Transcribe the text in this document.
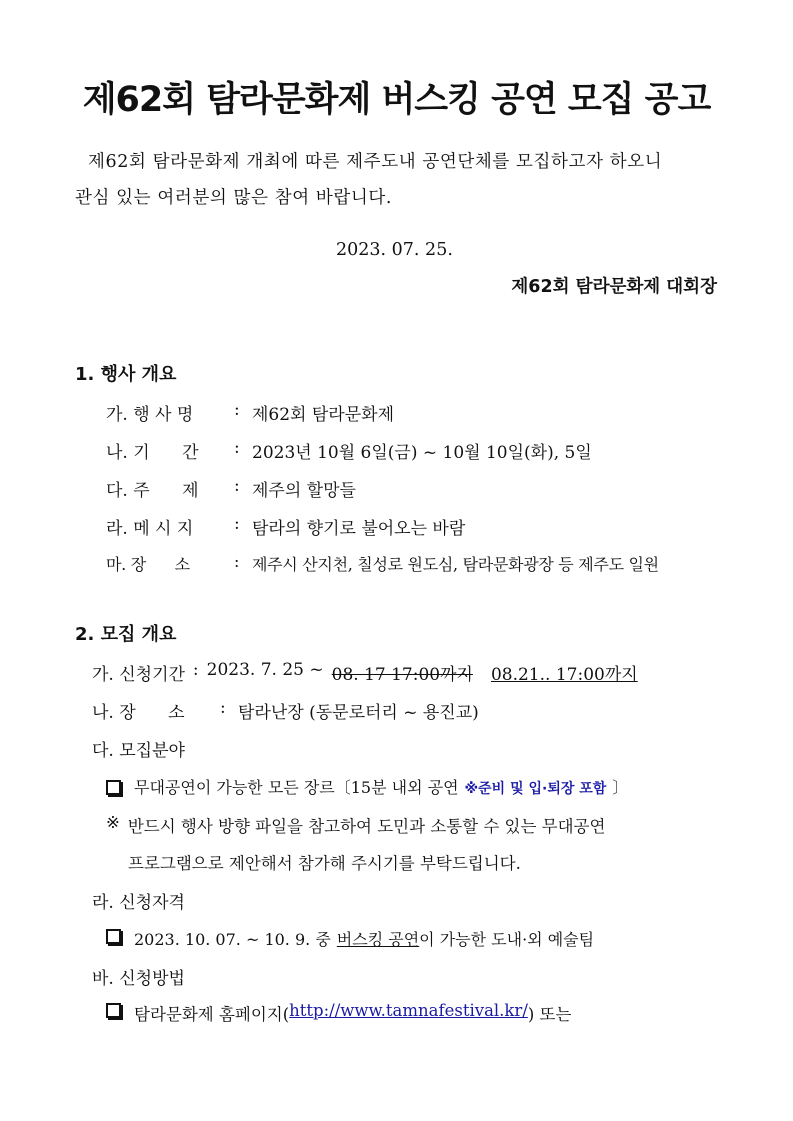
제62회 탐라문화제 버스킹 공연 모집 공고
제62회 탐라문화제 개최에 따른 제주도내 공연단체를 모집하고자 하오니
관심 있는 여러분의 많은 참여 바랍니다.
2023. 07. 25.
제62회 탐라문화제 대회장
1. 행사 개요
가. 행 사 명	: 제62회 탐라문화제
나. 기      간	: 2023년 10월 6일(금) ~ 10월 10일(화), 5일
다. 주      제	: 제주의 할망들
라. 메 시 지	: 탐라의 향기로 불어오는 바람
마. 장      소	: 제주시 산지천, 칠성로 원도심, 탐라문화광장 등 제주도 일원
2. 모집 개요
가. 신청기간 : 2023. 7. 25 ~ 08. 17 17:00까지 08.21.. 17:00까지
나. 장      소	: 탐라난장 (동문로터리 ~ 용진교)
다. 모집분야
무대공연이 가능한 모든 장르〔15분 내외 공연 ※준비 및 입·퇴장 포함 〕
※ 반드시 행사 방향 파일을 참고하여 도민과 소통할 수 있는 무대공연
프로그램으로 제안해서 참가해 주시기를 부탁드립니다.
라. 신청자격
2023. 10. 07. ~ 10. 9. 중 버스킹 공연 이 가능한 도내·외 예술팀
바. 신청방법
탐라문화제 홈페이지( http://www.tamnafestival.kr/ ) 또는
